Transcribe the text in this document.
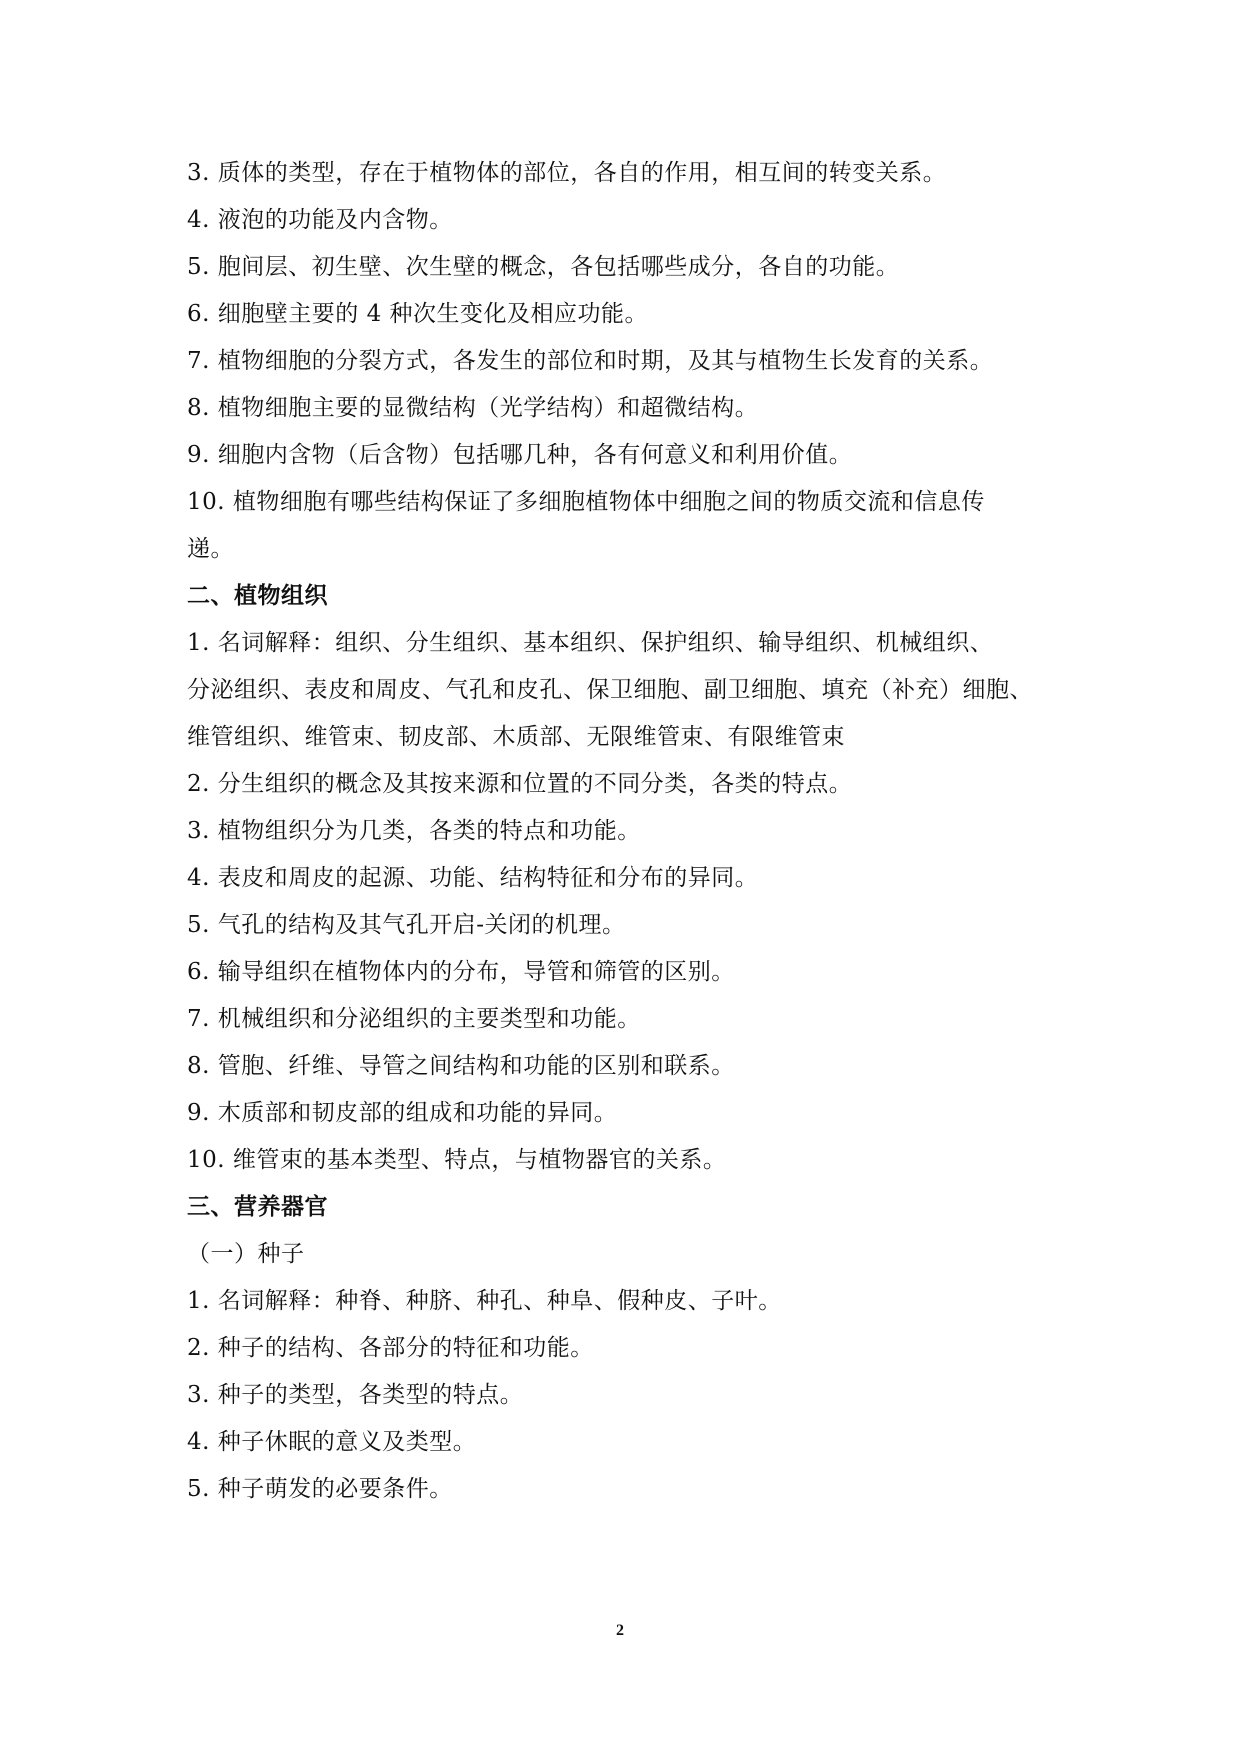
3. 质体的类型，存在于植物体的部位，各自的作用，相互间的转变关系。
4. 液泡的功能及内含物。
5. 胞间层、初生壁、次生壁的概念，各包括哪些成分，各自的功能。
6. 细胞壁主要的 4 种次生变化及相应功能。
7. 植物细胞的分裂方式，各发生的部位和时期，及其与植物生长发育的关系。
8. 植物细胞主要的显微结构（光学结构）和超微结构。
9. 细胞内含物（后含物）包括哪几种，各有何意义和利用价值。
10. 植物细胞有哪些结构保证了多细胞植物体中细胞之间的物质交流和信息传
递。
二、植物组织
1. 名词解释：组织、分生组织、基本组织、保护组织、输导组织、机械组织、
分泌组织、表皮和周皮、气孔和皮孔、保卫细胞、副卫细胞、填充（补充）细胞、
维管组织、维管束、韧皮部、木质部、无限维管束、有限维管束
2. 分生组织的概念及其按来源和位置的不同分类，各类的特点。
3. 植物组织分为几类，各类的特点和功能。
4. 表皮和周皮的起源、功能、结构特征和分布的异同。
5. 气孔的结构及其气孔开启-关闭的机理。
6. 输导组织在植物体内的分布，导管和筛管的区别。
7. 机械组织和分泌组织的主要类型和功能。
8. 管胞、纤维、导管之间结构和功能的区别和联系。
9. 木质部和韧皮部的组成和功能的异同。
10. 维管束的基本类型、特点，与植物器官的关系。
三、营养器官
（一）种子
1. 名词解释：种脊、种脐、种孔、种阜、假种皮、子叶。
2. 种子的结构、各部分的特征和功能。
3. 种子的类型，各类型的特点。
4. 种子休眠的意义及类型。
5. 种子萌发的必要条件。
2
